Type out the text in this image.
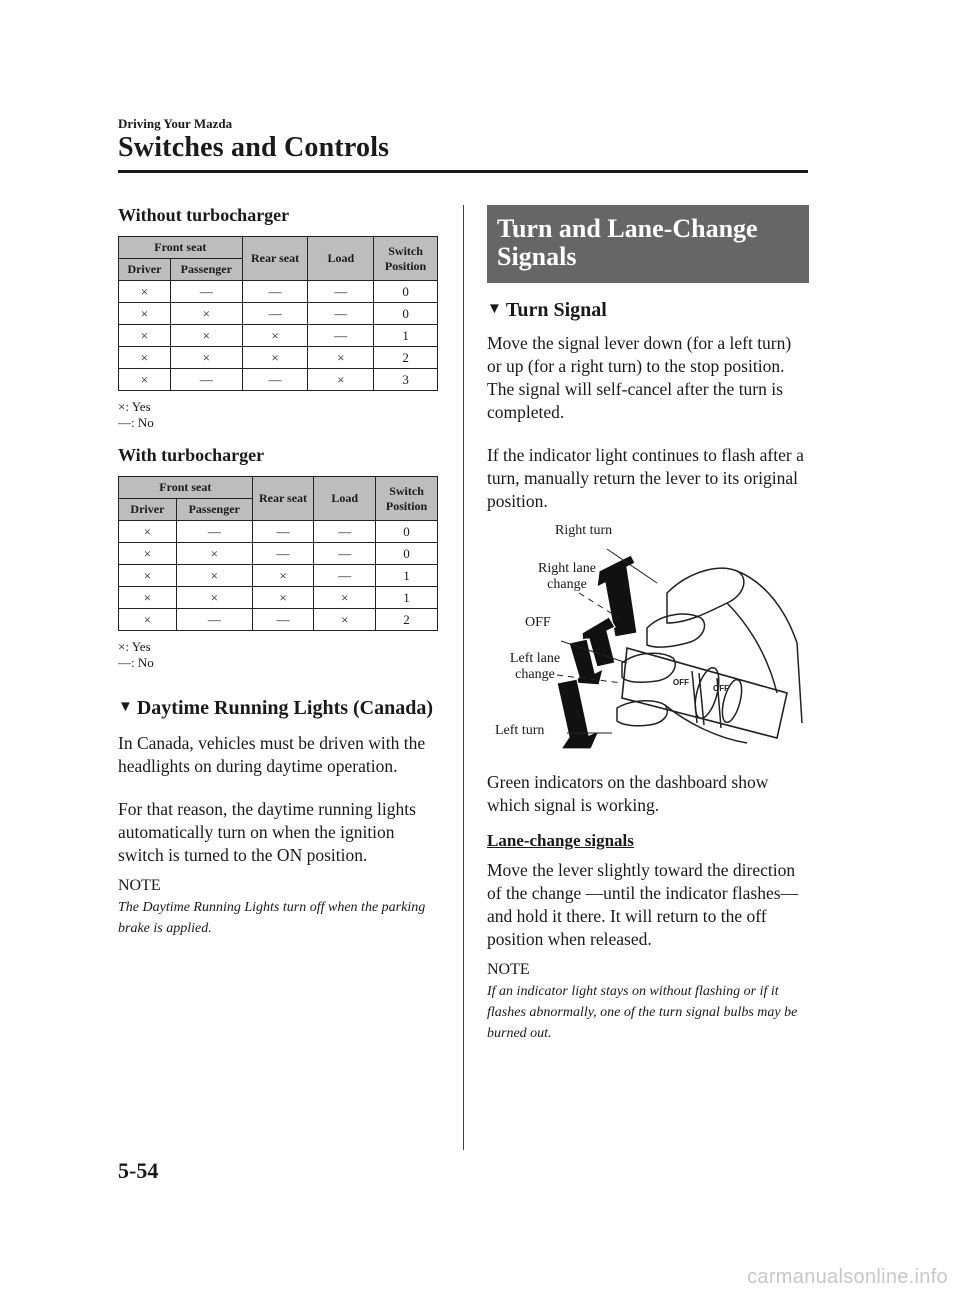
Driving Your Mazda
Switches and Controls
Without turbocharger
Front seat		Rear seat	Load	Switch Position
Driver	Passenger			
×	―	―	―	0
×	×	―	―	0
×	×	×	―	1
×	×	×	×	2
×	―	―	×	3
×: Yes
―: No
With turbocharger
Front seat		Rear seat	Load	Switch Position
Driver	Passenger			
×	―	―	―	0
×	×	―	―	0
×	×	×	―	1
×	×	×	×	1
×	―	―	×	2
×: Yes
―: No
▼ Daytime Running Lights (Canada)

In Canada, vehicles must be driven with the headlights on during daytime operation.

For that reason, the daytime running lights automatically turn on when the ignition switch is turned to the ON position.

NOTE

The Daytime Running Lights turn off when the parking brake is applied.

Turn and Lane-Change Signals
▼ Turn Signal

Move the signal lever down (for a left turn) or up (for a right turn) to the stop position. The signal will self-cancel after the turn is completed.

If the indicator light continues to flash after a turn, manually return the lever to its original position.

OFF
OFF
Right turn
Right lane change
OFF
Left lane change
Left turn

Green indicators on the dashboard show which signal is working.

Lane-change signals

Move the lever slightly toward the direction of the change ―until the indicator flashes― and hold it there. It will return to the off position when released.

NOTE

If an indicator light stays on without flashing or if it flashes abnormally, one of the turn signal bulbs may be burned out.

5-54
carmanualsonline.info
